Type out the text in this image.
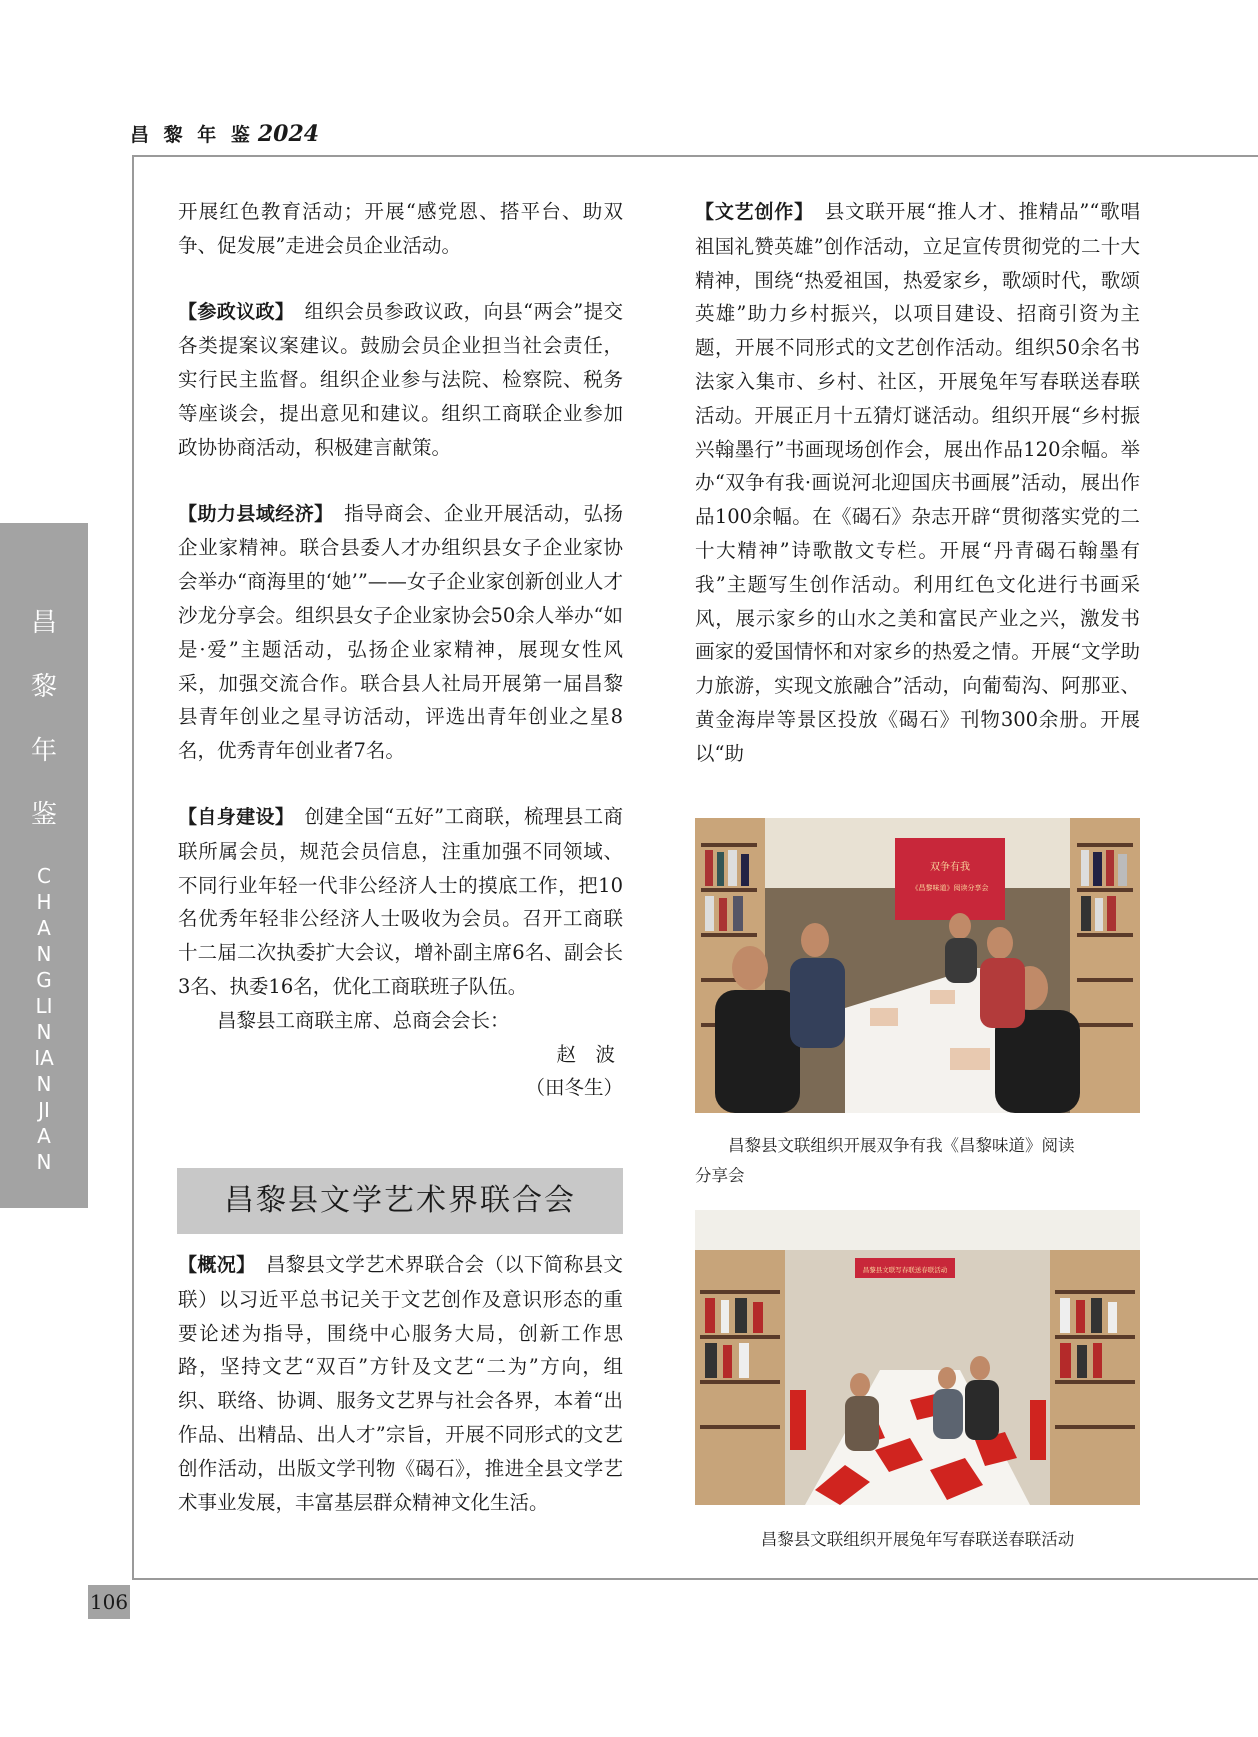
昌 黎 年 鉴 2024
昌
黎
年
鉴
CHANGLINIANJIAN
106

开展红色教育活动；开展“感党恩、搭平台、助双争、促发展”走进会员企业活动。

【参政议政】　 组织会员参政议政，向县“两会”提交各类提案议案建议。鼓励会员企业担当社会责任，实行民主监督。组织企业参与法院、检察院、税务等座谈会，提出意见和建议。组织工商联企业参加政协协商活动，积极建言献策。

【助力县域经济】　 指导商会、企业开展活动，弘扬企业家精神。联合县委人才办组织县女子企业家协会举办“商海里的‘她’”——女子企业家创新创业人才沙龙分享会。组织县女子企业家协会50余人举办“如是·爱”主题活动，弘扬企业家精神，展现女性风采，加强交流合作。联合县人社局开展第一届昌黎县青年创业之星寻访活动，评选出青年创业之星8名，优秀青年创业者7名。

【自身建设】　 创建全国“五好”工商联，梳理县工商联所属会员，规范会员信息，注重加强不同领域、不同行业年轻一代非公经济人士的摸底工作，把10名优秀年轻非公经济人士吸收为会员。召开工商联十二届二次执委扩大会议，增补副主席6名、副会长3名、执委16名，优化工商联班子队伍。

昌黎县工商联主席、总商会会长：

赵　波

（田冬生）

昌黎县文学艺术界联合会

【概况】　 昌黎县文学艺术界联合会（以下简称县文联）以习近平总书记关于文艺创作及意识形态的重要论述为指导，围绕中心服务大局，创新工作思路，坚持文艺“双百”方针及文艺“二为”方向，组织、联络、协调、服务文艺界与社会各界，本着“出作品、出精品、出人才”宗旨，开展不同形式的文艺创作活动，出版文学刊物《碣石》，推进全县文学艺术事业发展，丰富基层群众精神文化生活。

【文艺创作】　 县文联开展“推人才、推精品”“歌唱祖国礼赞英雄”创作活动，立足宣传贯彻党的二十大精神，围绕“热爱祖国，热爱家乡，歌颂时代，歌颂英雄”助力乡村振兴，以项目建设、招商引资为主题，开展不同形式的文艺创作活动。组织50余名书法家入集市、乡村、社区，开展兔年写春联送春联活动。开展正月十五猜灯谜活动。组织开展“乡村振兴翰墨行”书画现场创作会，展出作品120余幅。举办“双争有我·画说河北迎国庆书画展”活动，展出作品100余幅。在《碣石》杂志开辟“贯彻落实党的二十大精神”诗歌散文专栏。开展“丹青碣石翰墨有我”主题写生创作活动。利用红色文化进行书画采风，展示家乡的山水之美和富民产业之兴，激发书画家的爱国情怀和对家乡的热爱之情。开展“文学助力旅游，实现文旅融合”活动，向葡萄沟、阿那亚、黄金海岸等景区投放《碣石》刊物300余册。开展以“助

双争有我
《昌黎味道》阅读分享会

昌黎县文联组织开展双争有我《昌黎味道》阅读

分享会

昌黎县文联写春联送春联活动
昌黎县文联组织开展兔年写春联送春联活动
